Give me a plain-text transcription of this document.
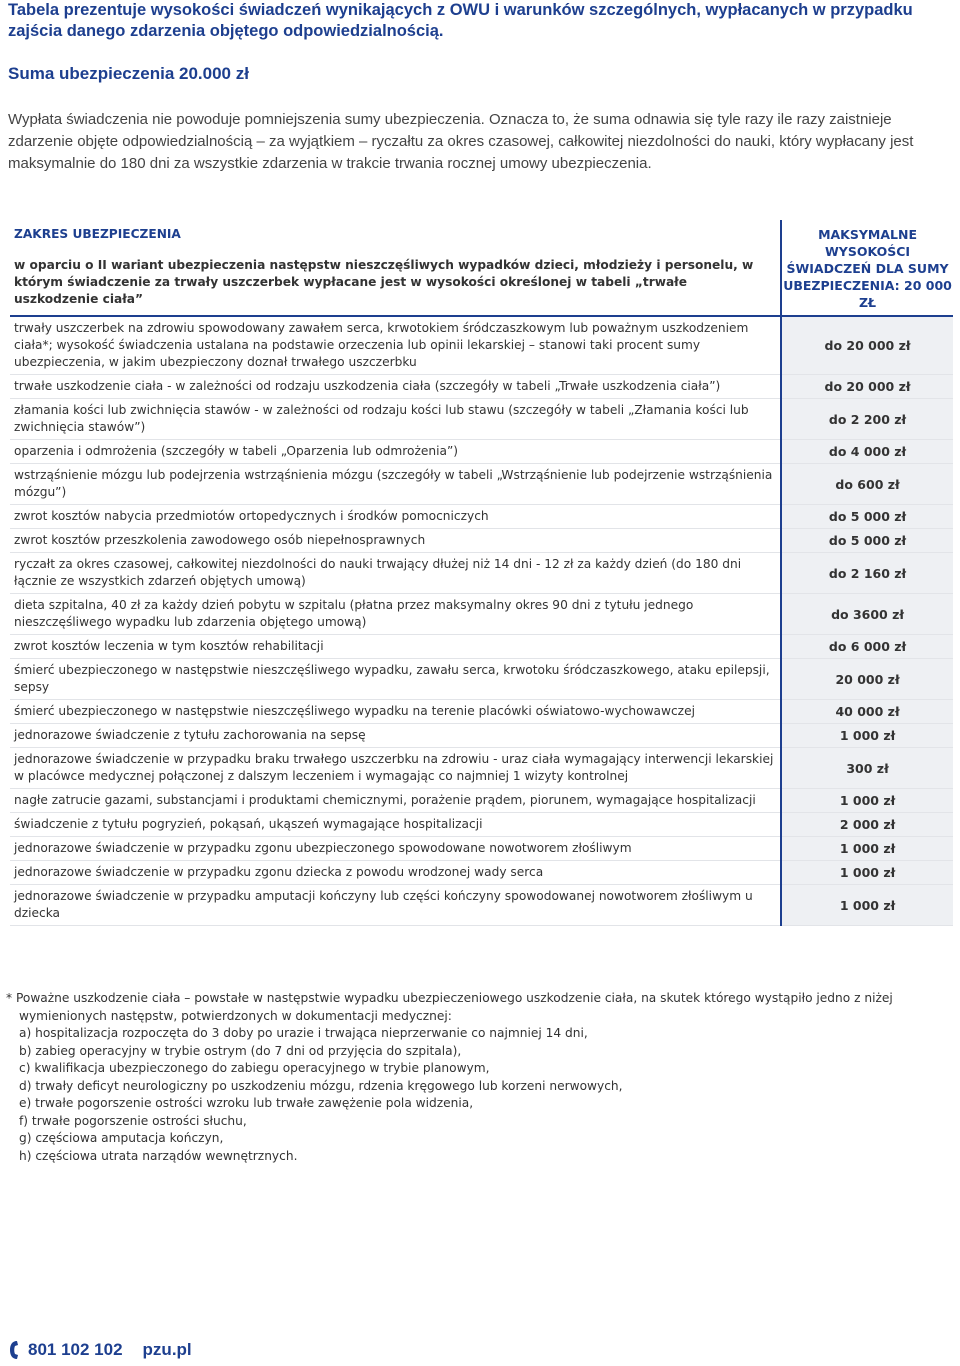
Tabela prezentuje wysokości świadczeń wynikających z OWU i warunków szczególnych, wypłacanych w przypadku zajścia danego zdarzenia objętego odpowiedzialnością.
Suma ubezpieczenia 20.000 zł

Wypłata świadczenia nie powoduje pomniejszenia sumy ubezpieczenia. Oznacza to, że suma odnawia się tyle razy ile razy zaistnieje zdarzenie objęte odpowiedzialnością – za wyjątkiem – ryczałtu za okres czasowej, całkowitej niezdolności do nauki, który wypłacany jest maksymalnie do 180 dni za wszystkie zdarzenia w trakcie trwania rocznej umowy ubezpieczenia.

ZAKRES UBEZPIECZENIA
w oparciu o II wariant ubezpieczenia następstw nieszczęśliwych wypadków dzieci, młodzieży i personelu, w którym świadczenie za trwały uszczerbek wypłacane jest w wysokości określonej w tabeli „trwałe uszkodzenie ciała”	MAKSYMALNE WYSOKOŚCI ŚWIADCZEŃ DLA SUMY UBEZPIECZENIA: 20 000 ZŁ
trwały uszczerbek na zdrowiu spowodowany zawałem serca, krwotokiem śródczaszkowym lub poważnym uszkodzeniem ciała*; wysokość świadczenia ustalana na podstawie orzeczenia lub opinii lekarskiej – stanowi taki procent sumy ubezpieczenia, w jakim ubezpieczony doznał trwałego uszczerbku	do 20 000 zł
trwałe uszkodzenie ciała - w zależności od rodzaju uszkodzenia ciała (szczegóły w tabeli „Trwałe uszkodzenia ciała”)	do 20 000 zł
złamania kości lub zwichnięcia stawów - w zależności od rodzaju kości lub stawu (szczegóły w tabeli „Złamania kości lub zwichnięcia stawów”)	do 2 200 zł
oparzenia i odmrożenia (szczegóły w tabeli „Oparzenia lub odmrożenia”)	do 4 000 zł
wstrząśnienie mózgu lub podejrzenia wstrząśnienia mózgu (szczegóły w tabeli „Wstrząśnienie lub podejrzenie wstrząśnienia mózgu”)	do 600 zł
zwrot kosztów nabycia przedmiotów ortopedycznych i środków pomocniczych	do 5 000 zł
zwrot kosztów przeszkolenia zawodowego osób niepełnosprawnych	do 5 000 zł
ryczałt za okres czasowej, całkowitej niezdolności do nauki trwający dłużej niż 14 dni - 12 zł za każdy dzień (do 180 dni łącznie ze wszystkich zdarzeń objętych umową)	do 2 160 zł
dieta szpitalna, 40 zł za każdy dzień pobytu w szpitalu (płatna przez maksymalny okres 90 dni z tytułu jednego nieszczęśliwego wypadku lub zdarzenia objętego umową)	do 3600 zł
zwrot kosztów leczenia w tym kosztów rehabilitacji	do 6 000 zł
śmierć ubezpieczonego w następstwie nieszczęśliwego wypadku, zawału serca, krwotoku śródczaszkowego, ataku epilepsji, sepsy	20 000 zł
śmierć ubezpieczonego w następstwie nieszczęśliwego wypadku na terenie placówki oświatowo-wychowawczej	40 000 zł
jednorazowe świadczenie z tytułu zachorowania na sepsę	1 000 zł
jednorazowe świadczenie w przypadku braku trwałego uszczerbku na zdrowiu - uraz ciała wymagający interwencji lekarskiej w placówce medycznej połączonej z dalszym leczeniem i wymagając co najmniej 1 wizyty kontrolnej	300 zł
nagłe zatrucie gazami, substancjami i produktami chemicznymi, porażenie prądem, piorunem, wymagające hospitalizacji	1 000 zł
świadczenie z tytułu pogryzień, pokąsań, ukąszeń wymagające hospitalizacji	2 000 zł
jednorazowe świadczenie w przypadku zgonu ubezpieczonego spowodowane nowotworem złośliwym	1 000 zł
jednorazowe świadczenie w przypadku zgonu dziecka z powodu wrodzonej wady serca	1 000 zł
jednorazowe świadczenie w przypadku amputacji kończyny lub części kończyny spowodowanej nowotworem złośliwym u dziecka	1 000 zł

* Poważne uszkodzenie ciała – powstałe w następstwie wypadku ubezpieczeniowego uszkodzenie ciała, na skutek którego wystąpiło jedno z niżej wymienionych następstw, potwierdzonych w dokumentacji medycznej:

a) hospitalizacja rozpoczęta do 3 doby po urazie i trwająca nieprzerwanie co najmniej 14 dni,

b) zabieg operacyjny w trybie ostrym (do 7 dni od przyjęcia do szpitala),

c) kwalifikacja ubezpieczonego do zabiegu operacyjnego w trybie planowym,

d) trwały deficyt neurologiczny po uszkodzeniu mózgu, rdzenia kręgowego lub korzeni nerwowych,

e) trwałe pogorszenie ostrości wzroku lub trwałe zawężenie pola widzenia,

f) trwałe pogorszenie ostrości słuchu,

g) częściowa amputacja kończyn,

h) częściowa utrata narządów wewnętrznych.

801 102 102 pzu.pl
